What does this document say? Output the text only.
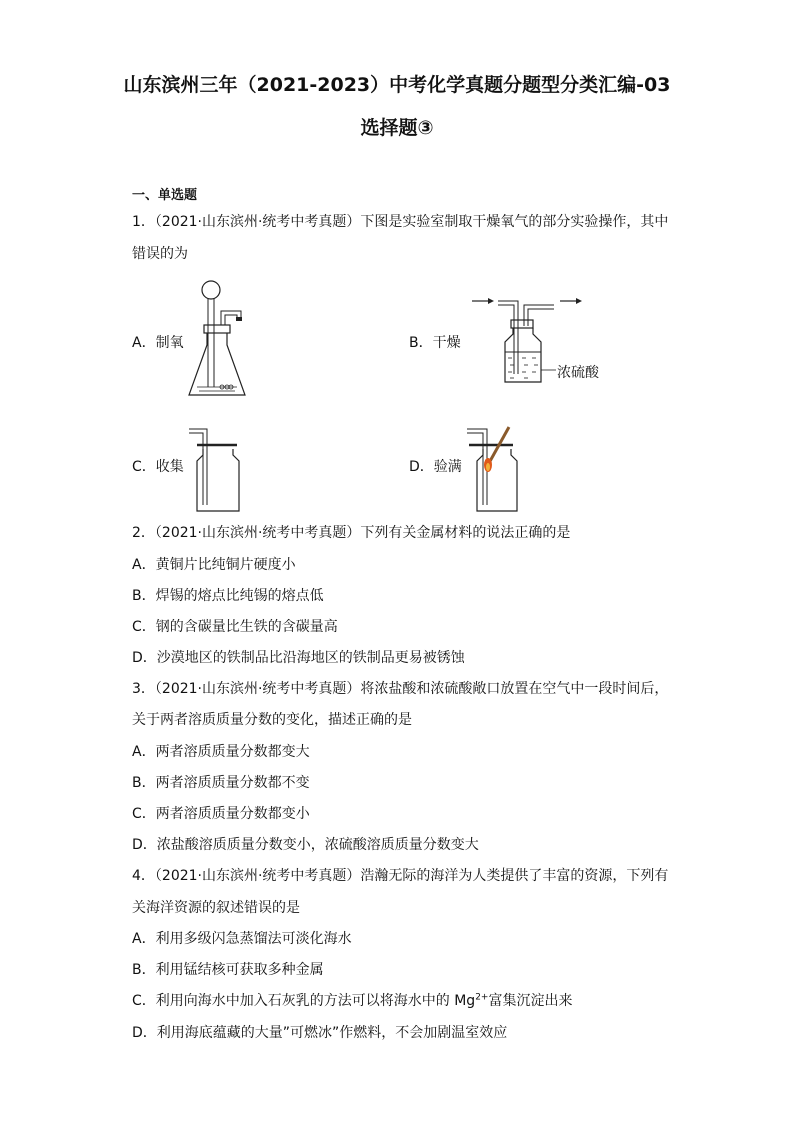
山东滨州三年（2021-2023）中考化学真题分题型分类汇编-03
选择题③
一、单选题
1．（2021·山东滨州·统考中考真题）下图是实验室制取干燥氧气的部分实验操作，其中
错误的为
A．制氧	B．干燥
C．收集	D．验满
浓硫酸
2．（2021·山东滨州·统考中考真题）下列有关金属材料的说法正确的是
A．黄铜片比纯铜片硬度小
B．焊锡的熔点比纯锡的熔点低
C．钢的含碳量比生铁的含碳量高
D．沙漠地区的铁制品比沿海地区的铁制品更易被锈蚀
3．（2021·山东滨州·统考中考真题）将浓盐酸和浓硫酸敞口放置在空气中一段时间后，
关于两者溶质质量分数的变化，描述正确的是
A．两者溶质质量分数都变大
B．两者溶质质量分数都不变
C．两者溶质质量分数都变小
D．浓盐酸溶质质量分数变小，浓硫酸溶质质量分数变大
4．（2021·山东滨州·统考中考真题）浩瀚无际的海洋为人类提供了丰富的资源，下列有
关海洋资源的叙述错误的是
A．利用多级闪急蒸馏法可淡化海水
B．利用锰结核可获取多种金属
C．利用向海水中加入石灰乳的方法可以将海水中的 $Mg^{2+}$富集沉淀出来
D．利用海底蕴藏的大量”可燃冰”作燃料，不会加剧温室效应
